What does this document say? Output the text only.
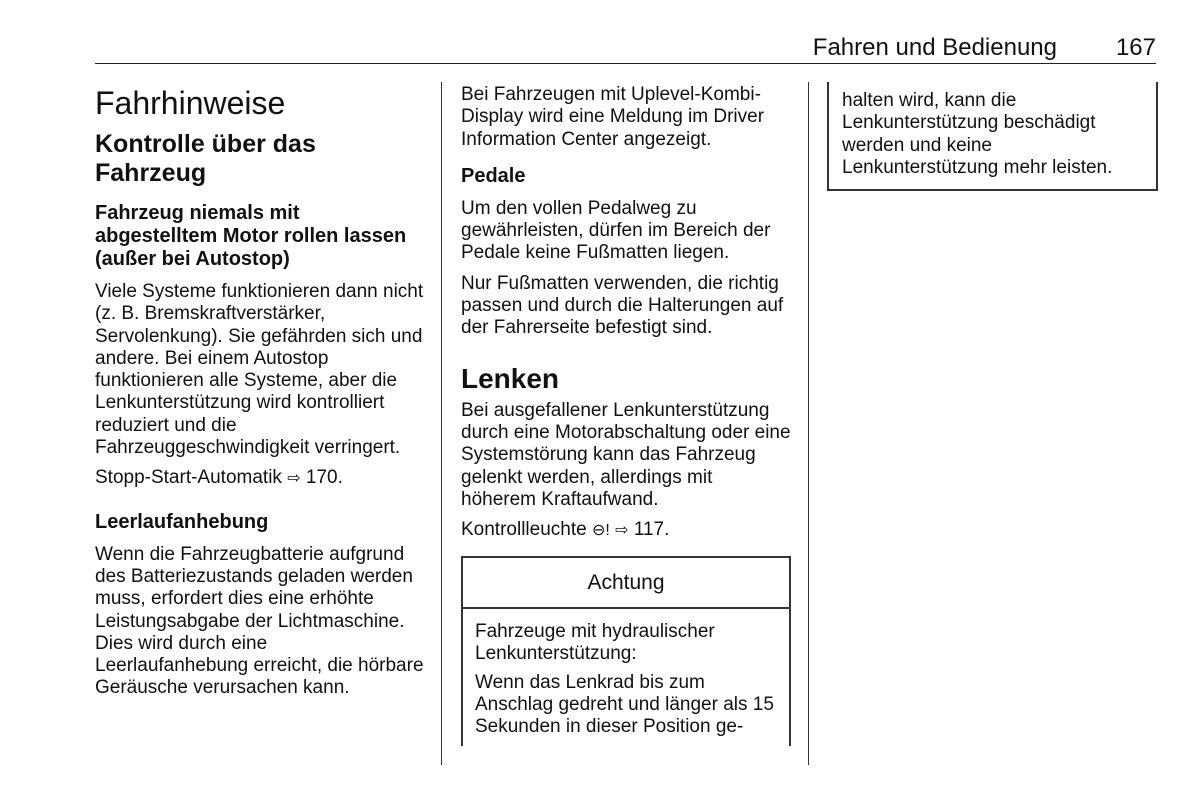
Fahren und Bedienung 167
Fahrhinweise
Kontrolle über das Fahrzeug
Fahrzeug niemals mit abgestelltem Motor rollen lassen (außer bei Autostop)

Viele Systeme funktionieren dann nicht (z. B. Bremskraftverstärker, Servolenkung). Sie gefährden sich und andere. Bei einem Autostop funktionieren alle Systeme, aber die Lenkunterstützung wird kontrolliert reduziert und die Fahrzeuggeschwindigkeit verringert.

Stopp-Start-Automatik ⇨ 170.

Leerlaufanhebung

Wenn die Fahrzeugbatterie aufgrund des Batteriezustands geladen werden muss, erfordert dies eine erhöhte Leistungsabgabe der Lichtmaschine. Dies wird durch eine Leerlaufanhebung erreicht, die hörbare Geräusche verursachen kann.

Bei Fahrzeugen mit Uplevel-Kombi-Display wird eine Meldung im Driver Information Center angezeigt.

Pedale

Um den vollen Pedalweg zu gewährleisten, dürfen im Bereich der Pedale keine Fußmatten liegen.

Nur Fußmatten verwenden, die richtig passen und durch die Halterungen auf der Fahrerseite befestigt sind.

Lenken

Bei ausgefallener Lenkunterstützung durch eine Motorabschaltung oder eine Systemstörung kann das Fahrzeug gelenkt werden, allerdings mit höherem Kraftaufwand.

Kontrollleuchte ⊖! ⇨ 117.

Achtung

Fahrzeuge mit hydraulischer Lenkunterstützung:

Wenn das Lenkrad bis zum Anschlag gedreht und länger als 15 Sekunden in dieser Position ge-

halten wird, kann die Lenkunterstützung beschädigt werden und keine Lenkunterstützung mehr leisten.
